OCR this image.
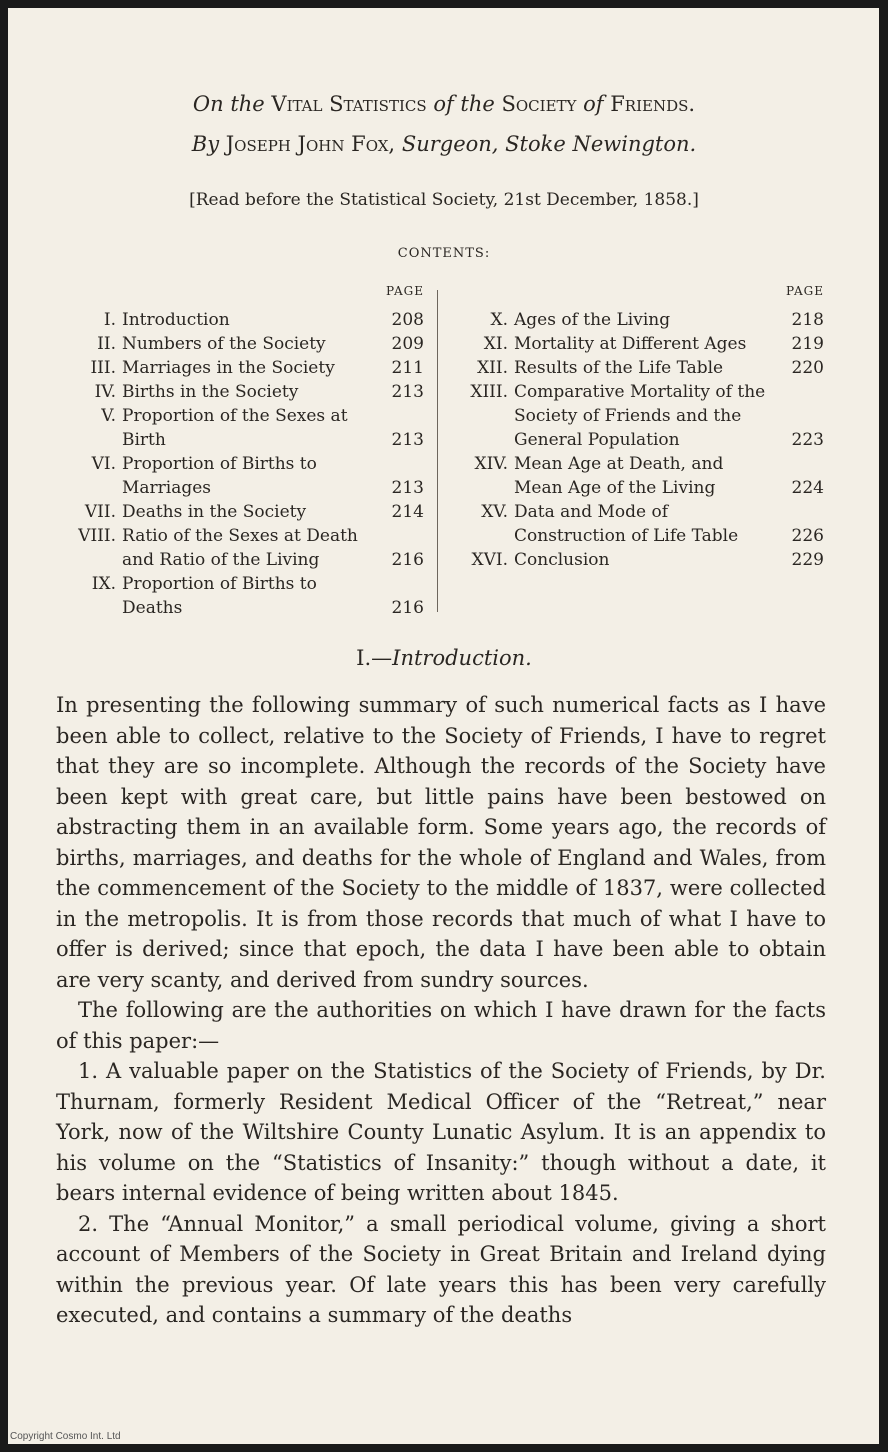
On the Vital Statistics of the Society of Friends.
By Joseph John Fox, Surgeon, Stoke Newington.
[Read before the Statistical Society, 21st December, 1858.]
CONTENTS:
PAGE
I. Introduction	208
II. Numbers of the Society	209
III. Marriages in the Society	211
IV. Births in the Society	213
V. Proportion of the Sexes at Birth	213
VI. Proportion of Births to Marriages	213
VII. Deaths in the Society	214
VIII. Ratio of the Sexes at Death and Ratio of the Living	216
IX. Proportion of Births to Deaths	216
PAGE
X. Ages of the Living	218
XI. Mortality at Different Ages	219
XII. Results of the Life Table	220
XIII. Comparative Mortality of the Society of Friends and the General Population	223
XIV. Mean Age at Death, and Mean Age of the Living	224
XV. Data and Mode of Construction of Life Table	226
XVI. Conclusion	229
I.—Introduction.

In presenting the following summary of such numerical facts as I have been able to collect, relative to the Society of Friends, I have to regret that they are so incomplete. Although the records of the Society have been kept with great care, but little pains have been bestowed on abstracting them in an available form. Some years ago, the records of births, marriages, and deaths for the whole of England and Wales, from the commencement of the Society to the middle of 1837, were collected in the metropolis. It is from those records that much of what I have to offer is derived; since that epoch, the data I have been able to obtain are very scanty, and derived from sundry sources.

The following are the authorities on which I have drawn for the facts of this paper:—

1. A valuable paper on the Statistics of the Society of Friends, by Dr. Thurnam, formerly Resident Medical Officer of the “Retreat,” near York, now of the Wiltshire County Lunatic Asylum. It is an appendix to his volume on the “Statistics of Insanity:” though without a date, it bears internal evidence of being written about 1845.

2. The “Annual Monitor,” a small periodical volume, giving a short account of Members of the Society in Great Britain and Ireland dying within the previous year. Of late years this has been very carefully executed, and contains a summary of the deaths

Copyright Cosmo Int. Ltd
